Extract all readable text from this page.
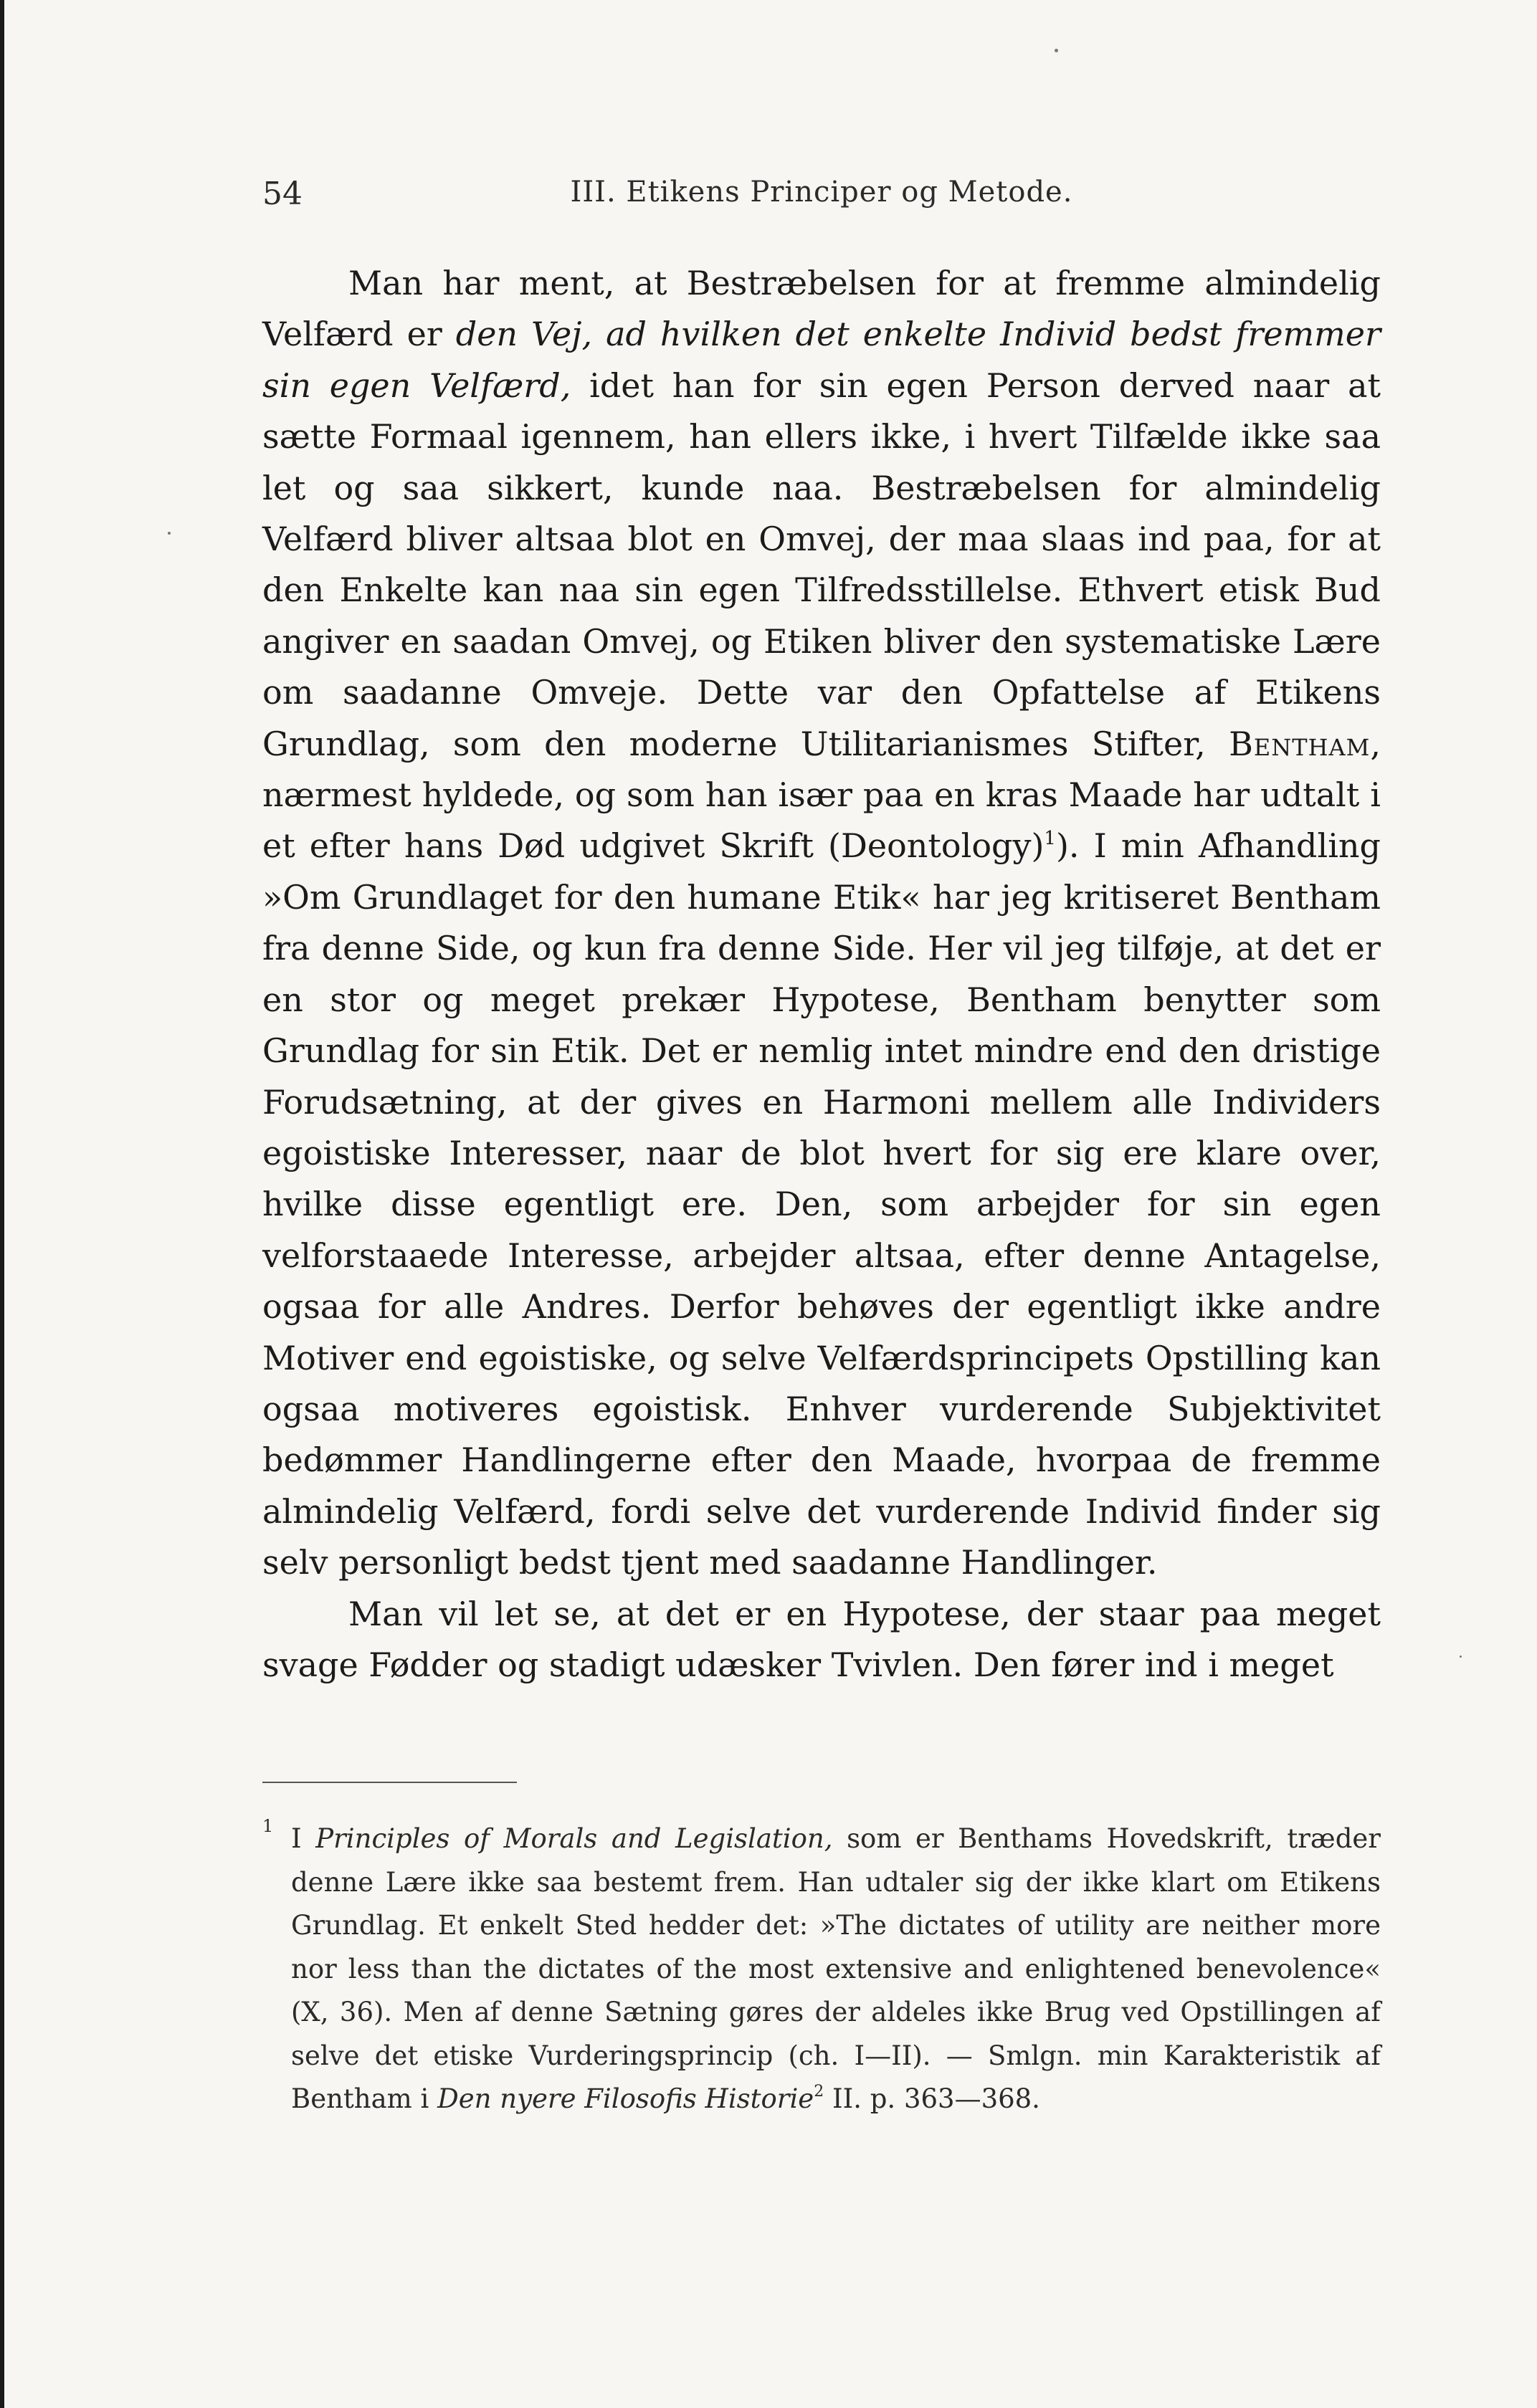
54	III. Etikens Principer og Metode.

Man har ment, at Bestræbelsen for at fremme almindelig Velfærd er den Vej, ad hvilken det enkelte Individ bedst fremmer sin egen Velfærd, idet han for sin egen Person derved naar at sætte Formaal igennem, han ellers ikke, i hvert Tilfælde ikke saa let og saa sikkert, kunde naa. Bestræbelsen for almindelig Velfærd bliver altsaa blot en Omvej, der maa slaas ind paa, for at den Enkelte kan naa sin egen Tilfredsstillelse. Ethvert etisk Bud angiver en saadan Omvej, og Etiken bliver den systematiske Lære om saadanne Omveje. Dette var den Opfattelse af Etikens Grundlag, som den moderne Utilitarianismes Stifter, Bentham, nærmest hyldede, og som han især paa en kras Maade har udtalt i et efter hans Død udgivet Skrift (Deontology)$^1$). I min Afhandling »Om Grundlaget for den humane Etik« har jeg kritiseret Bentham fra denne Side, og kun fra denne Side. Her vil jeg tilføje, at det er en stor og meget prekær Hypotese, Bentham benytter som Grundlag for sin Etik. Det er nemlig intet mindre end den dristige Forudsætning, at der gives en Harmoni mellem alle Individers egoistiske Interesser, naar de blot hvert for sig ere klare over, hvilke disse egentligt ere. Den, som arbejder for sin egen velforstaaede Interesse, arbejder altsaa, efter denne Antagelse, ogsaa for alle Andres. Derfor behøves der egentligt ikke andre Motiver end egoistiske, og selve Velfærdsprincipets Opstilling kan ogsaa motiveres egoistisk. Enhver vurderende Subjektivitet bedømmer Handlingerne efter den Maade, hvorpaa de fremme almindelig Velfærd, fordi selve det vurderende Individ finder sig selv personligt bedst tjent med saadanne Handlinger.

Man vil let se, at det er en Hypotese, der staar paa meget svage Fødder og stadigt udæsker Tvivlen. Den fører ind i meget

1 I Principles of Morals and Legislation, som er Benthams Hovedskrift, træder denne Lære ikke saa bestemt frem. Han udtaler sig der ikke klart om Etikens Grundlag. Et enkelt Sted hedder det: »The dictates of utility are neither more nor less than the dictates of the most extensive and enlightened benevolence« (X, 36). Men af denne Sætning gøres der aldeles ikke Brug ved Opstillingen af selve det etiske Vurderingsprincip (ch. I—II). — Smlgn. min Karakteristik af Bentham i Den nyere Filosofis Historie$^2$ II. p. 363—368.
